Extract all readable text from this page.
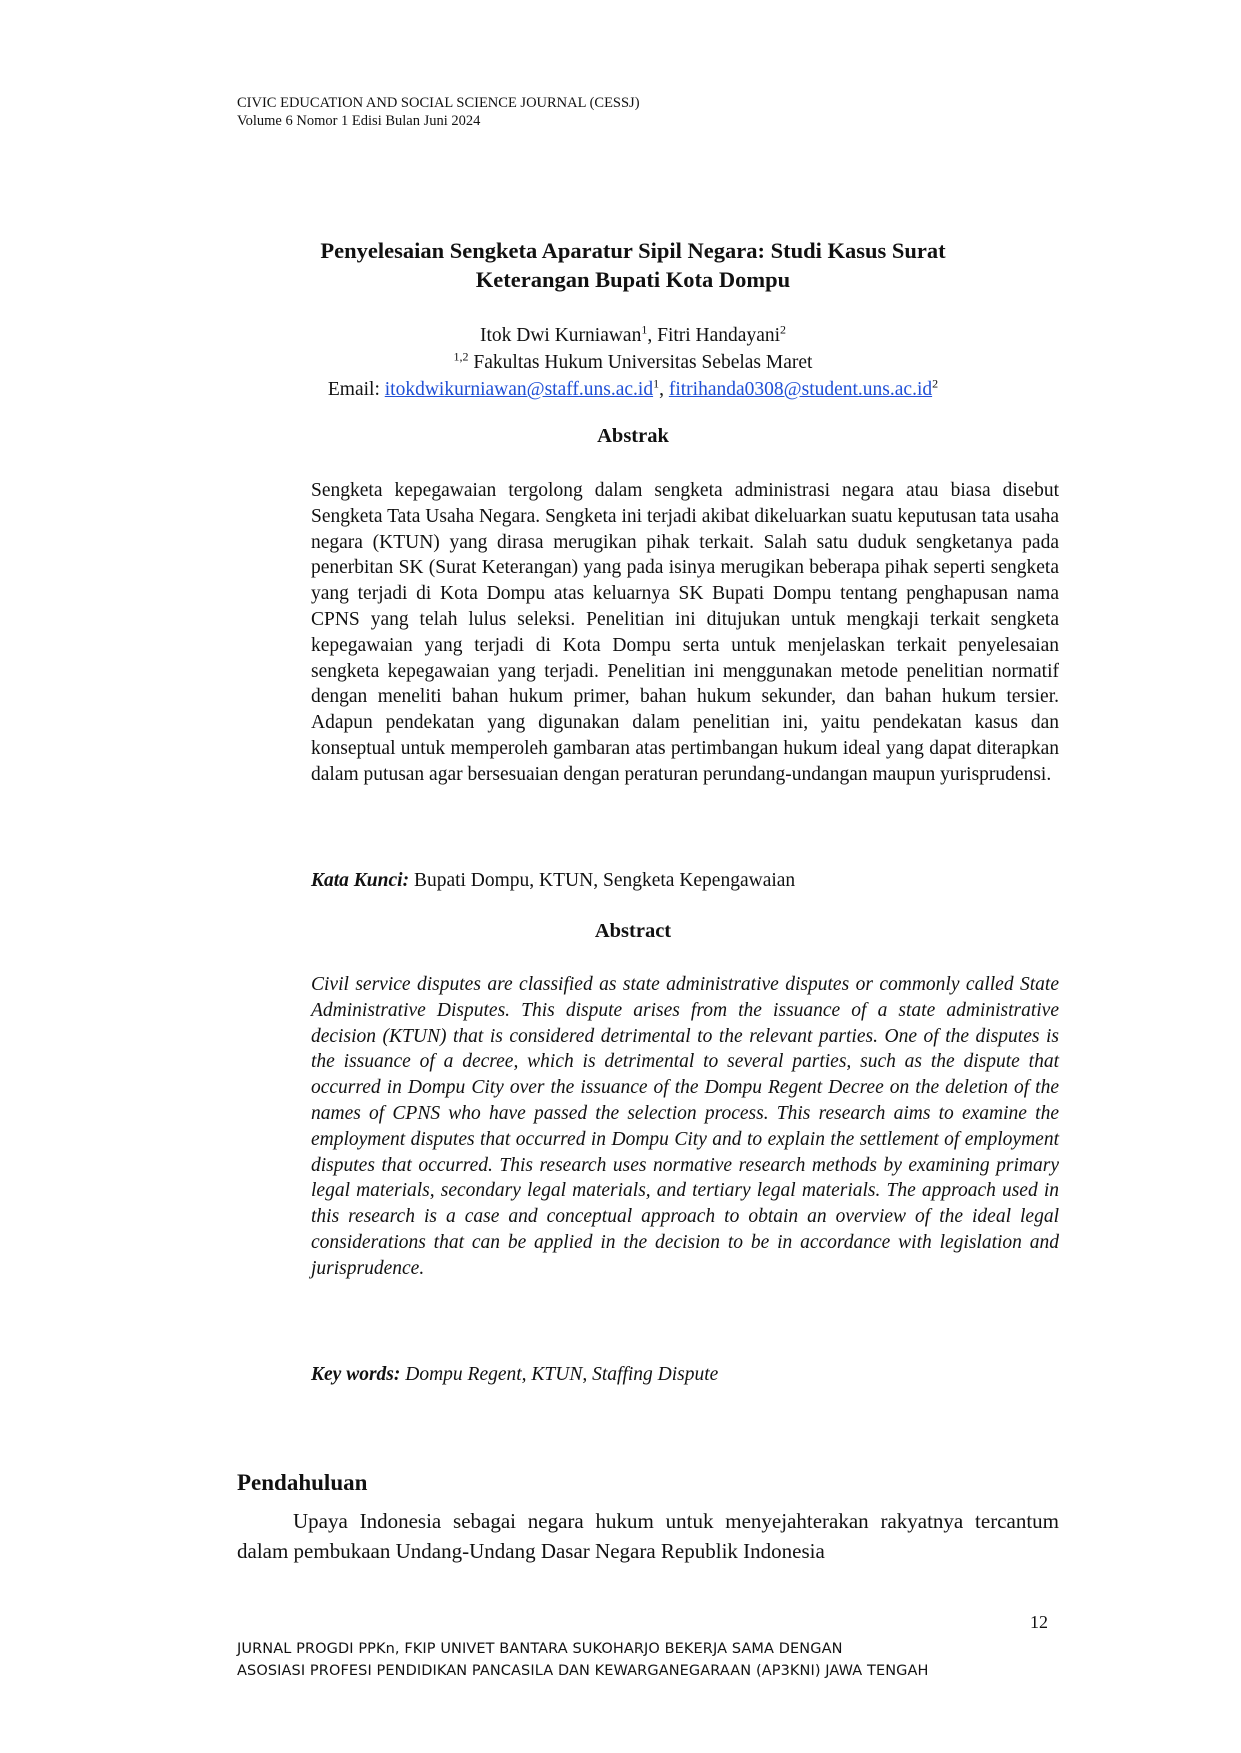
CIVIC EDUCATION AND SOCIAL SCIENCE JOURNAL (CESSJ)
Volume 6 Nomor 1 Edisi Bulan Juni 2024
Penyelesaian Sengketa Aparatur Sipil Negara: Studi Kasus Surat
Keterangan Bupati Kota Dompu
Itok Dwi Kurniawan$^1$, Fitri Handayani$^2$
$^{1,2}$ Fakultas Hukum Universitas Sebelas Maret
Email: $itokdwikurniawan@staff.uns.ac.id^1$, $fitrihanda0308@student.uns.ac.id^2$
Abstrak
Sengketa kepegawaian tergolong dalam sengketa administrasi negara atau biasa disebut Sengketa Tata Usaha Negara. Sengketa ini terjadi akibat dikeluarkan suatu keputusan tata usaha negara (KTUN) yang dirasa merugikan pihak terkait. Salah satu duduk sengketanya pada penerbitan SK (Surat Keterangan) yang pada isinya merugikan beberapa pihak seperti sengketa yang terjadi di Kota Dompu atas keluarnya SK Bupati Dompu tentang penghapusan nama CPNS yang telah lulus seleksi. Penelitian ini ditujukan untuk mengkaji terkait sengketa kepegawaian yang terjadi di Kota Dompu serta untuk menjelaskan terkait penyelesaian sengketa kepegawaian yang terjadi. Penelitian ini menggunakan metode penelitian normatif dengan meneliti bahan hukum primer, bahan hukum sekunder, dan bahan hukum tersier. Adapun pendekatan yang digunakan dalam penelitian ini, yaitu pendekatan kasus dan konseptual untuk memperoleh gambaran atas pertimbangan hukum ideal yang dapat diterapkan dalam putusan agar bersesuaian dengan peraturan perundang-undangan maupun yurisprudensi.
Kata Kunci: Bupati Dompu, KTUN, Sengketa Kepengawaian
Abstract
Civil service disputes are classified as state administrative disputes or commonly called State Administrative Disputes. This dispute arises from the issuance of a state administrative decision (KTUN) that is considered detrimental to the relevant parties. One of the disputes is the issuance of a decree, which is detrimental to several parties, such as the dispute that occurred in Dompu City over the issuance of the Dompu Regent Decree on the deletion of the names of CPNS who have passed the selection process. This research aims to examine the employment disputes that occurred in Dompu City and to explain the settlement of employment disputes that occurred. This research uses normative research methods by examining primary legal materials, secondary legal materials, and tertiary legal materials. The approach used in this research is a case and conceptual approach to obtain an overview of the ideal legal considerations that can be applied in the decision to be in accordance with legislation and jurisprudence.
Key words: Dompu Regent, KTUN, Staffing Dispute
Pendahuluan
Upaya Indonesia sebagai negara hukum untuk menyejahterakan rakyatnya tercantum dalam pembukaan Undang-Undang Dasar Negara Republik Indonesia
12
JURNAL PROGDI PPKn, FKIP UNIVET BANTARA SUKOHARJO BEKERJA SAMA DENGAN
ASOSIASI PROFESI PENDIDIKAN PANCASILA DAN KEWARGANEGARAAN (AP3KNI) JAWA TENGAH
